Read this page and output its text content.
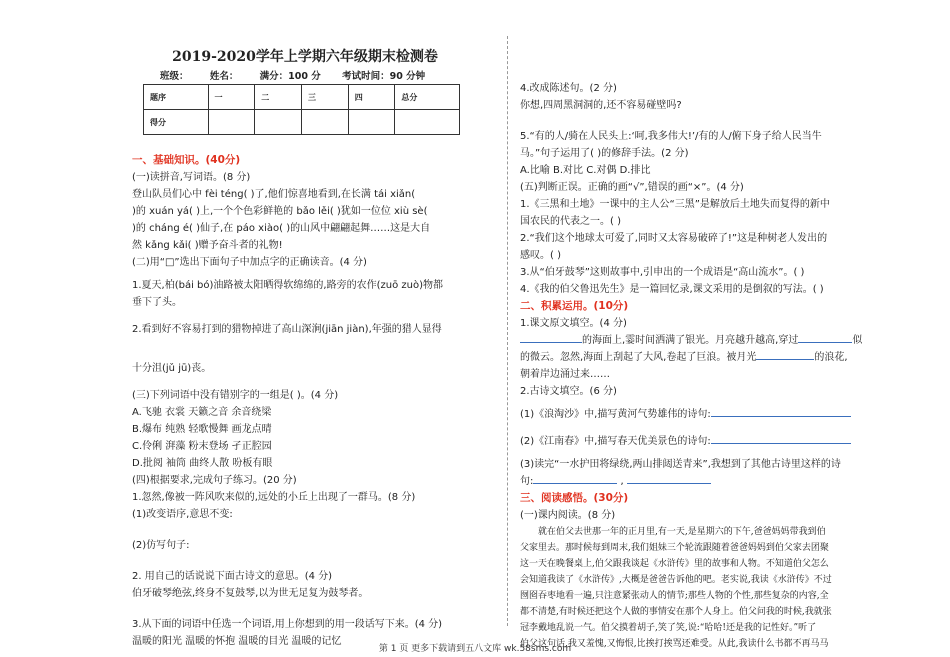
2019-2020学年上学期六年级期末检测卷
班级： 姓名： 满分：100 分 考试时间：90 分钟
题序	一	二	三	四	总分
得分					

一、基础知识。(40分)

(一)读拼音,写词语。(8 分)

登山队员们心中 fèi téng( )了,他们惊喜地看到,在长满 tái xiǎn(

)的 xuán yá( )上,一个个色彩鲜艳的 bǎo lěi( )犹如一位位 xiù sè(

)的 cháng é( )仙子,在 páo xiào( )的山风中翩翩起舞……这是大自

然 kǎng kǎi( )赠予奋斗者的礼物!

(二)用“□”选出下面句子中加点字的正确读音。(4 分)

1.夏天,柏(bái bó)油路被太阳晒得软绵绵的,路旁的农作(zuō zuò)物都

垂下了头。

2.看到好不容易打到的猎物掉进了高山深涧(jiān jiàn),年强的猎人显得

十分沮(jǔ jū)丧。

(三)下列词语中没有错别字的一组是( )。(4 分)

A.飞驰 衣裳 天籁之音 余音绕梁

B.爆布 纯熟 轻歌慢舞 画龙点晴

C.伶俐 湃藻 粉末登场 孑正腔园

D.批阅 袖筒 曲终人散 吩板有眼

(四)根据要求,完成句子练习。(20 分)

1.忽然,像被一阵风吹来似的,远处的小丘上出现了一群马。(8 分)

(1)改变语序,意思不变:

(2)仿写句子:

2. 用自己的话说说下面古诗文的意思。(4 分)

伯牙破琴绝弦,终身不复鼓琴,以为世无足复为鼓琴者。

3.从下面的词语中任选一个词语,用上你想到的用一段话写下来。(4 分)

温暖的阳光 温暖的怀抱 温暖的目光 温暖的记忆

4.改成陈述句。(2 分)

你想,四周黑洞洞的,还不容易碰壁吗?

5.“有的人/骑在人民头上:‘呵,我多伟大!’/有的人/俯下身子给人民当牛

马。”句子运用了( )的修辞手法。(2 分)

A.比喻 B.对比 C.对偶 D.排比

(五)判断正误。正确的画“√”,错误的画“×”。(4 分)

1.《三黑和土地》一课中的主人公“三黑”是解放后土地失而复得的新中

国农民的代表之一。( )

2.“我们这个地球太可爱了,同时又太容易破碎了!”这是种树老人发出的

感叹。( )

3.从“伯牙鼓琴”这则故事中,引申出的一个成语是“高山流水”。( )

4.《我的伯父鲁迅先生》是一篇回忆录,课文采用的是倒叙的写法。( )

二、积累运用。(10分)

1.课文原文填空。(4 分)

的海面上,霎时间洒满了银光。月亮越升越高,穿过	似

的微云。忽然,海面上刮起了大风,卷起了巨浪。被月光	的浪花,

朝着岸边涌过来……

2.古诗文填空。(6 分)

(1)《浪淘沙》中,描写黄河气势雄伟的诗句:

(2)《江南春》中,描写春天优美景色的诗句:

(3)读完“一水护田将绿绕,两山排闼送青来”,我想到了其他古诗里这样的诗

句:	,

三、阅读感悟。(30分)

(一)课内阅读。(8 分)

就在伯父去世那一年的正月里,有一天,是星期六的下午,爸爸妈妈带我到伯

父家里去。那时候每到周末,我们姐妹三个轮流跟随着爸爸妈妈到伯父家去团聚

这一天在晚餐桌上,伯父跟我谈起《水浒传》里的故事和人物。不知道伯父怎么

会知道我读了《水浒传》,大概是爸爸告诉他的吧。老实说,我读《水浒传》不过

囫囵吞枣地看一遍,只注意紧张动人的情节;那些人物的个性,那些复杂的内容,全

都不清楚,有时候还把这个人做的事情安在那个人身上。伯父问我的时候,我就张

冠李戴地乱说一气。伯父摸着胡子,笑了笑,说:“哈哈!还是我的记性好。”听了

伯父这句话,我又羞愧,又悔恨,比挨打挨骂还难受。从此,我读什么书都不再马马

第 1 页 更多下载请到五八文库 wk.58sms.com
